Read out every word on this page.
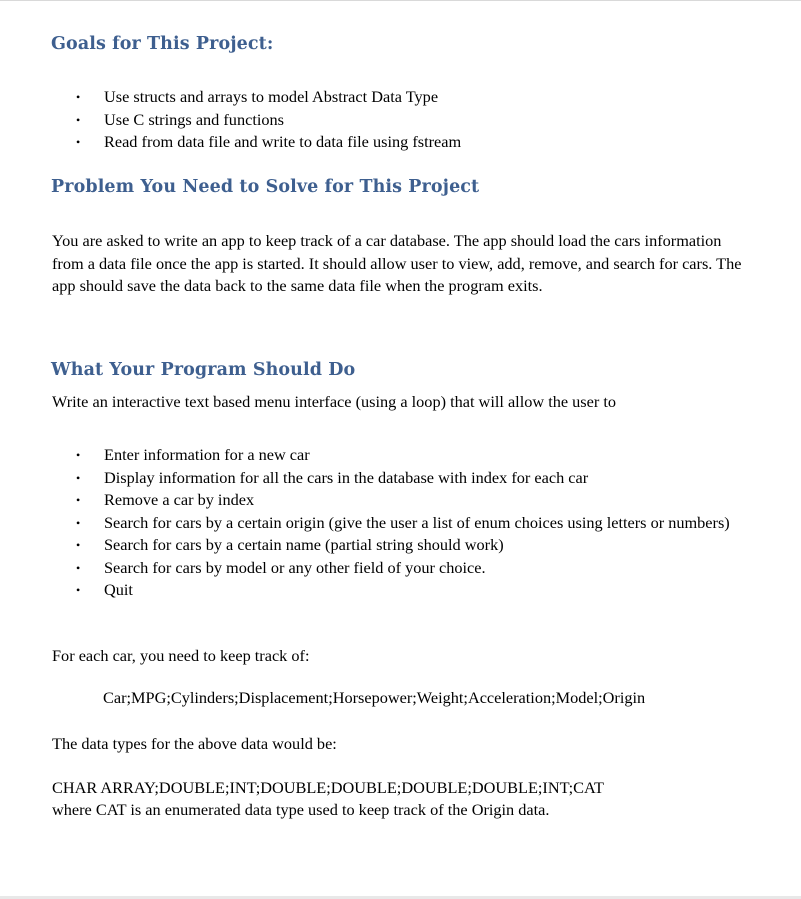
Goals for This Project:
• Use structs and arrays to model Abstract Data Type
• Use C strings and functions
• Read from data file and write to data file using fstream
Problem You Need to Solve for This Project

You are asked to write an app to keep track of a car database. The app should load the cars information from a data file once the app is started. It should allow user to view, add, remove, and search for cars. The app should save the data back to the same data file when the program exits.

What Your Program Should Do

Write an interactive text based menu interface (using a loop) that will allow the user to

• Enter information for a new car
• Display information for all the cars in the database with index for each car
• Remove a car by index
• Search for cars by a certain origin (give the user a list of enum choices using letters or numbers)
• Search for cars by a certain name (partial string should work)
• Search for cars by model or any other field of your choice.
• Quit

For each car, you need to keep track of:

Car;MPG;Cylinders;Displacement;Horsepower;Weight;Acceleration;Model;Origin

The data types for the above data would be:

CHAR ARRAY;DOUBLE;INT;DOUBLE;DOUBLE;DOUBLE;DOUBLE;INT;CAT

where CAT is an enumerated data type used to keep track of the Origin data.
